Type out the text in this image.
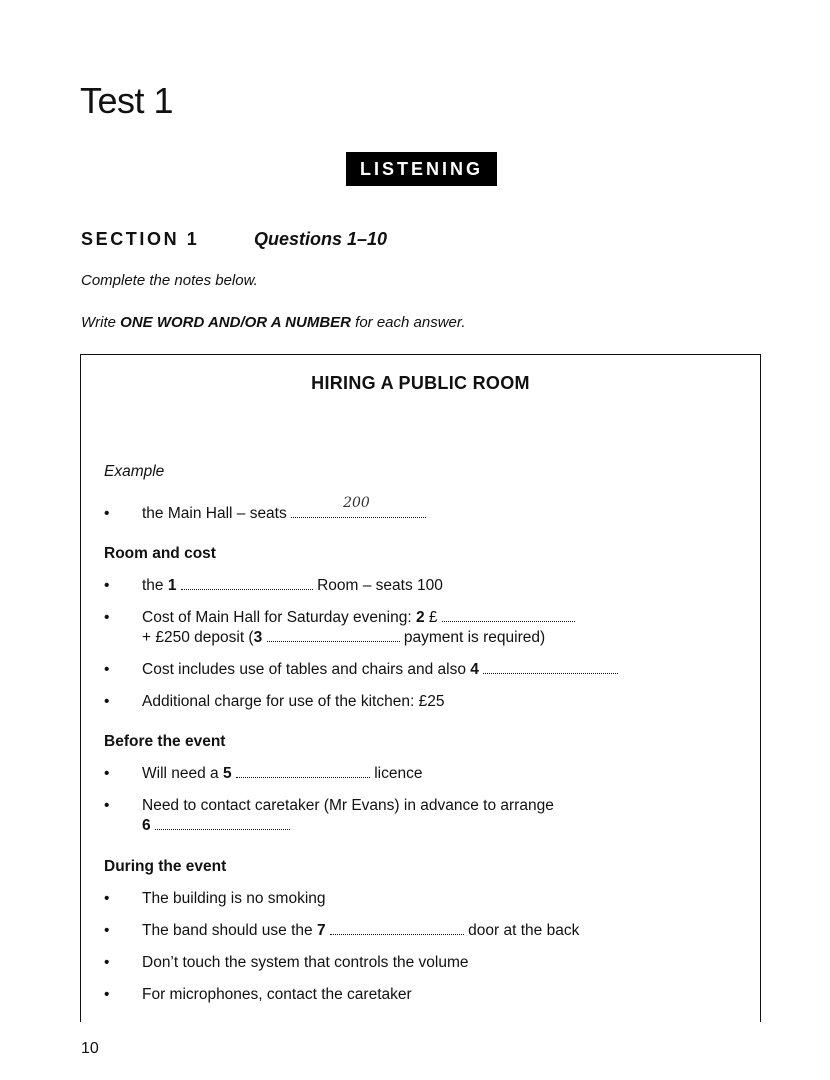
Test 1
LISTENING
SECTION 1	Questions 1–10
Complete the notes below.
Write ONE WORD AND/OR A NUMBER for each answer.
HIRING A PUBLIC ROOM
Example
• the Main Hall – seats
200
Room and cost
• the 1	Room – seats 100
• Cost of Main Hall for Saturday evening: 2 £
+ £250 deposit (3	payment is required)
• Cost includes use of tables and chairs and also 4
• Additional charge for use of the kitchen: £25
Before the event
• Will need a 5	licence
• Need to contact caretaker (Mr Evans) in advance to arrange
6
During the event
• The building is no smoking
• The band should use the 7	door at the back
• Don’t touch the system that controls the volume
• For microphones, contact the caretaker
10
